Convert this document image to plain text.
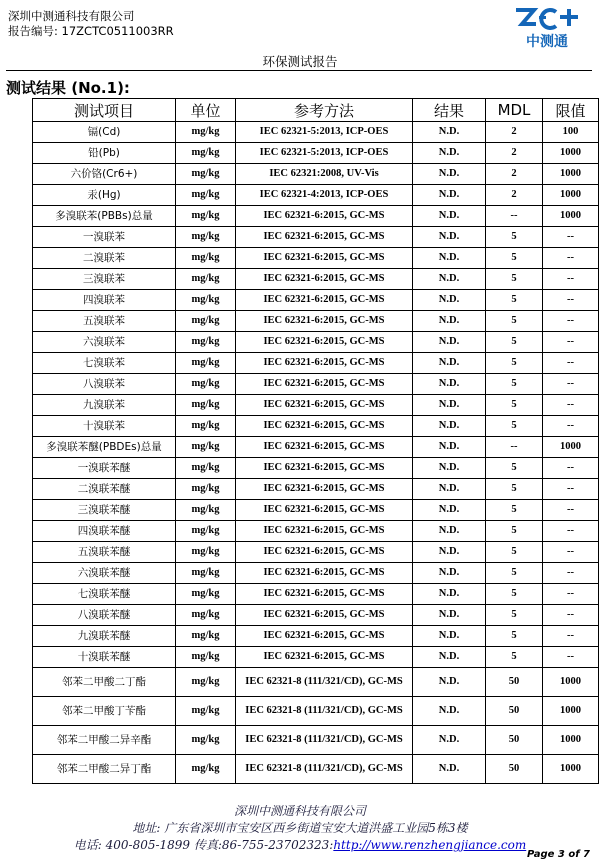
深圳中测通科技有限公司
报告编号: 17ZCTC0511003RR
中测通
环保测试报告
测试结果 (No.1):
测试项目	单位	参考方法	结果	MDL	限值
镉(Cd)	mg/kg	IEC 62321-5:2013, ICP-OES	N.D.	2	100
铅(Pb)	mg/kg	IEC 62321-5:2013, ICP-OES	N.D.	2	1000
六价铬(Cr6+)	mg/kg	IEC 62321:2008, UV-Vis	N.D.	2	1000
汞(Hg)	mg/kg	IEC 62321-4:2013, ICP-OES	N.D.	2	1000
多溴联苯(PBBs)总量	mg/kg	IEC 62321-6:2015, GC-MS	N.D.	--	1000
一溴联苯	mg/kg	IEC 62321-6:2015, GC-MS	N.D.	5	--
二溴联苯	mg/kg	IEC 62321-6:2015, GC-MS	N.D.	5	--
三溴联苯	mg/kg	IEC 62321-6:2015, GC-MS	N.D.	5	--
四溴联苯	mg/kg	IEC 62321-6:2015, GC-MS	N.D.	5	--
五溴联苯	mg/kg	IEC 62321-6:2015, GC-MS	N.D.	5	--
六溴联苯	mg/kg	IEC 62321-6:2015, GC-MS	N.D.	5	--
七溴联苯	mg/kg	IEC 62321-6:2015, GC-MS	N.D.	5	--
八溴联苯	mg/kg	IEC 62321-6:2015, GC-MS	N.D.	5	--
九溴联苯	mg/kg	IEC 62321-6:2015, GC-MS	N.D.	5	--
十溴联苯	mg/kg	IEC 62321-6:2015, GC-MS	N.D.	5	--
多溴联苯醚(PBDEs)总量	mg/kg	IEC 62321-6:2015, GC-MS	N.D.	--	1000
一溴联苯醚	mg/kg	IEC 62321-6:2015, GC-MS	N.D.	5	--
二溴联苯醚	mg/kg	IEC 62321-6:2015, GC-MS	N.D.	5	--
三溴联苯醚	mg/kg	IEC 62321-6:2015, GC-MS	N.D.	5	--
四溴联苯醚	mg/kg	IEC 62321-6:2015, GC-MS	N.D.	5	--
五溴联苯醚	mg/kg	IEC 62321-6:2015, GC-MS	N.D.	5	--
六溴联苯醚	mg/kg	IEC 62321-6:2015, GC-MS	N.D.	5	--
七溴联苯醚	mg/kg	IEC 62321-6:2015, GC-MS	N.D.	5	--
八溴联苯醚	mg/kg	IEC 62321-6:2015, GC-MS	N.D.	5	--
九溴联苯醚	mg/kg	IEC 62321-6:2015, GC-MS	N.D.	5	--
十溴联苯醚	mg/kg	IEC 62321-6:2015, GC-MS	N.D.	5	--
邻苯二甲酸二丁酯	mg/kg	IEC 62321-8 (111/321/CD), GC-MS	N.D.	50	1000
邻苯二甲酸丁苄酯	mg/kg	IEC 62321-8 (111/321/CD), GC-MS	N.D.	50	1000
邻苯二甲酸二异辛酯	mg/kg	IEC 62321-8 (111/321/CD), GC-MS	N.D.	50	1000
邻苯二甲酸二异丁酯	mg/kg	IEC 62321-8 (111/321/CD), GC-MS	N.D.	50	1000
深圳中测通科技有限公司
地址: 广东省深圳市宝安区西乡街道宝安大道洪盛工业园5栋3楼
电话: 400-805-1899 传真:86-755-23702323:http://www.renzhengjiance.com
Page 3 of 7
